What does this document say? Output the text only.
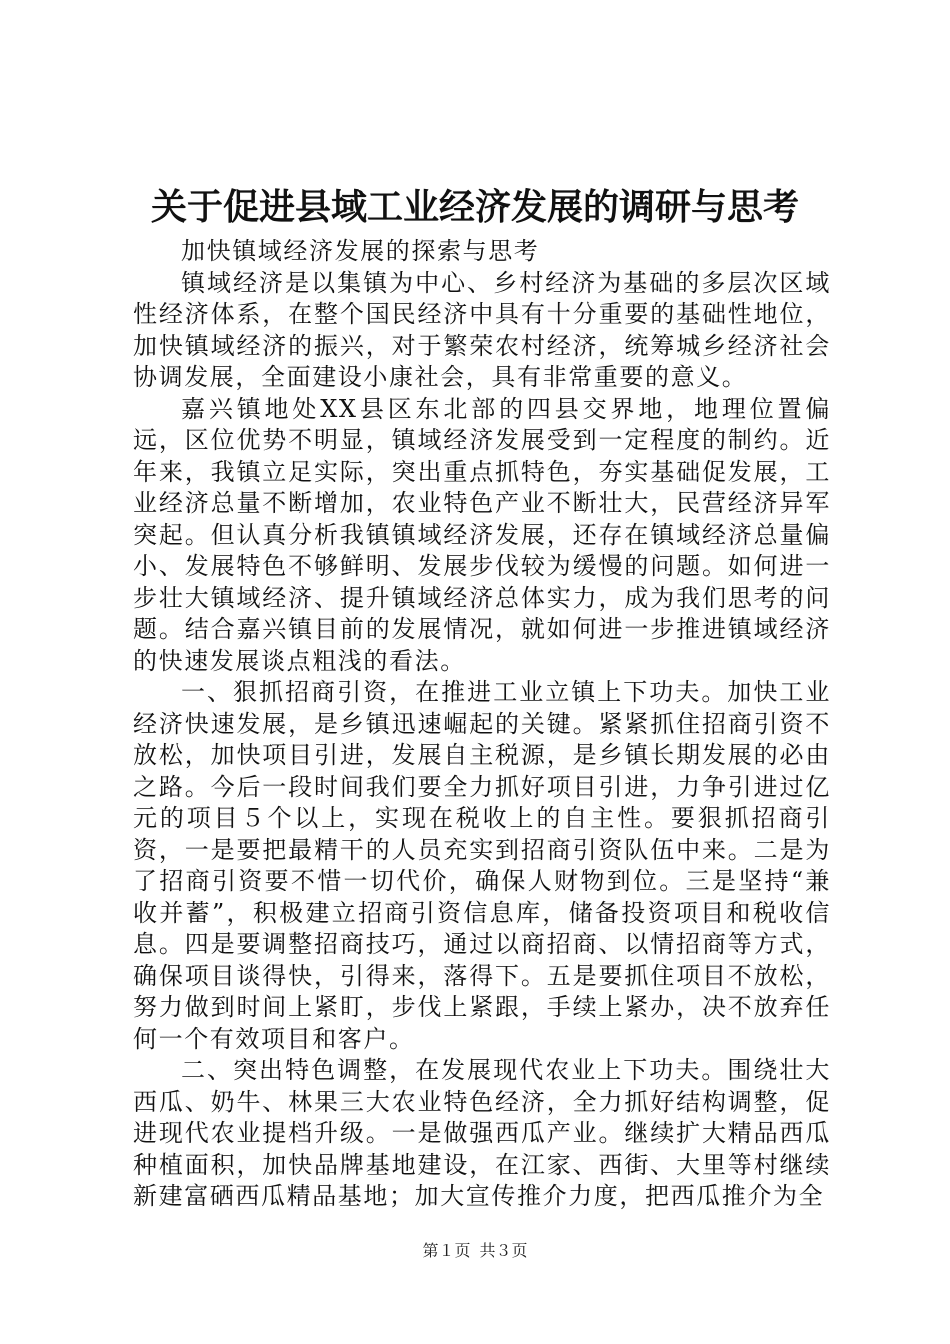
关于促进县域工业经济发展的调研与思考

加快镇域经济发展的探索与思考

镇域经济是以集镇为中心、乡村经济为基础的多层次区域性经济体系，在整个国民经济中具有十分重要的基础性地位，加快镇域经济的振兴，对于繁荣农村经济，统筹城乡经济社会协调发展，全面建设小康社会，具有非常重要的意义。

嘉兴镇地处XX县区东北部的四县交界地，地理位置偏远，区位优势不明显，镇域经济发展受到一定程度的制约。近年来，我镇立足实际，突出重点抓特色，夯实基础促发展，工业经济总量不断增加，农业特色产业不断壮大，民营经济异军突起。但认真分析我镇镇域经济发展，还存在镇域经济总量偏小、发展特色不够鲜明、发展步伐较为缓慢的问题。如何进一步壮大镇域经济、提升镇域经济总体实力，成为我们思考的问题。结合嘉兴镇目前的发展情况，就如何进一步推进镇域经济的快速发展谈点粗浅的看法。

一、狠抓招商引资，在推进工业立镇上下功夫。加快工业经济快速发展，是乡镇迅速崛起的关键。紧紧抓住招商引资不放松，加快项目引进，发展自主税源，是乡镇长期发展的必由之路。今后一段时间我们要全力抓好项目引进，力争引进过亿元的项目５个以上，实现在税收上的自主性。要狠抓招商引资，一是要把最精干的人员充实到招商引资队伍中来。二是为了招商引资要不惜一切代价，确保人财物到位。三是坚持“兼收并蓄”，积极建立招商引资信息库，储备投资项目和税收信息。四是要调整招商技巧，通过以商招商、以情招商等方式，确保项目谈得快，引得来，落得下。五是要抓住项目不放松，努力做到时间上紧盯，步伐上紧跟，手续上紧办，决不放弃任何一个有效项目和客户。

二、突出特色调整，在发展现代农业上下功夫。围绕壮大西瓜、奶牛、林果三大农业特色经济，全力抓好结构调整，促进现代农业提档升级。一是做强西瓜产业。继续扩大精品西瓜种植面积，加快品牌基地建设，在江家、西街、大里等村继续新建富硒西瓜精品基地；加大宣传推介力度，把西瓜推介为全

第１页 共３页
